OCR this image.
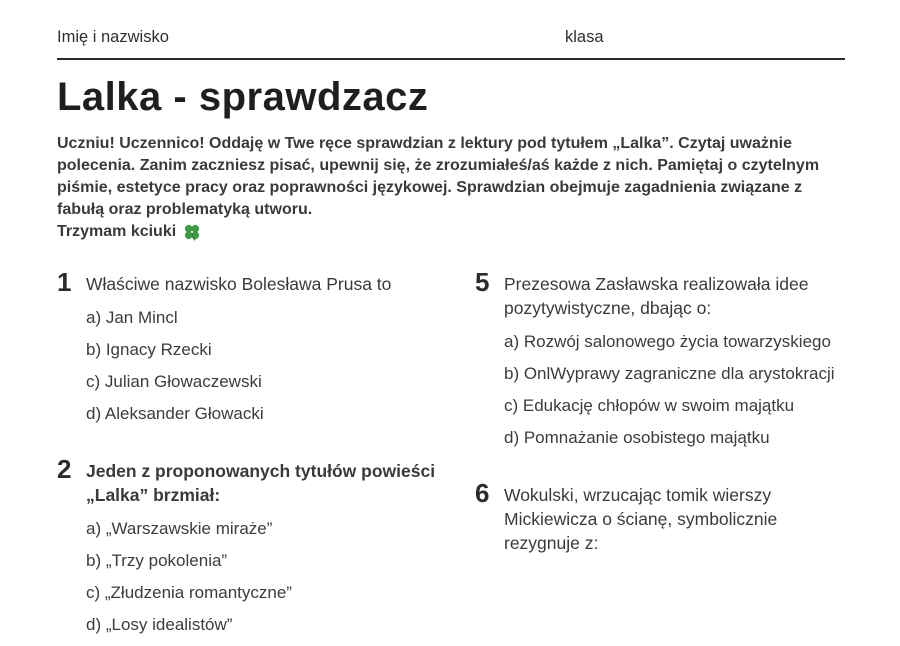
Imię i nazwisko	klasa
Lalka - sprawdzacz

Uczniu! Uczennico! Oddaję w Twe ręce sprawdzian z lektury pod tytułem „Lalka”. Czytaj uważnie polecenia. Zanim zaczniesz pisać, upewnij się, że zrozumiałeś/aś każde z nich. Pamiętaj o czytelnym piśmie, estetyce pracy oraz poprawności językowej. Sprawdzian obejmuje zagadnienia związane z fabułą oraz problematyką utworu.

Trzymam kciuki

1 Właściwe nazwisko Bolesława Prusa to
a) Jan Mincl
b) Ignacy Rzecki
c) Julian Głowaczewski
d) Aleksander Głowacki
2 Jeden z proponowanych tytułów powieści „Lalka” brzmiał:
a) „Warszawskie miraże”
b) „Trzy pokolenia”
c) „Złudzenia romantyczne”
d) „Losy idealistów”
5 Prezesowa Zasławska realizowała idee pozytywistyczne, dbając o:
a) Rozwój salonowego życia towarzyskiego
b) OnlWyprawy zagraniczne dla arystokracji
c) Edukację chłopów w swoim majątku
d) Pomnażanie osobistego majątku
6 Wokulski, wrzucając tomik wierszy Mickiewicza o ścianę, symbolicznie rezygnuje z:
